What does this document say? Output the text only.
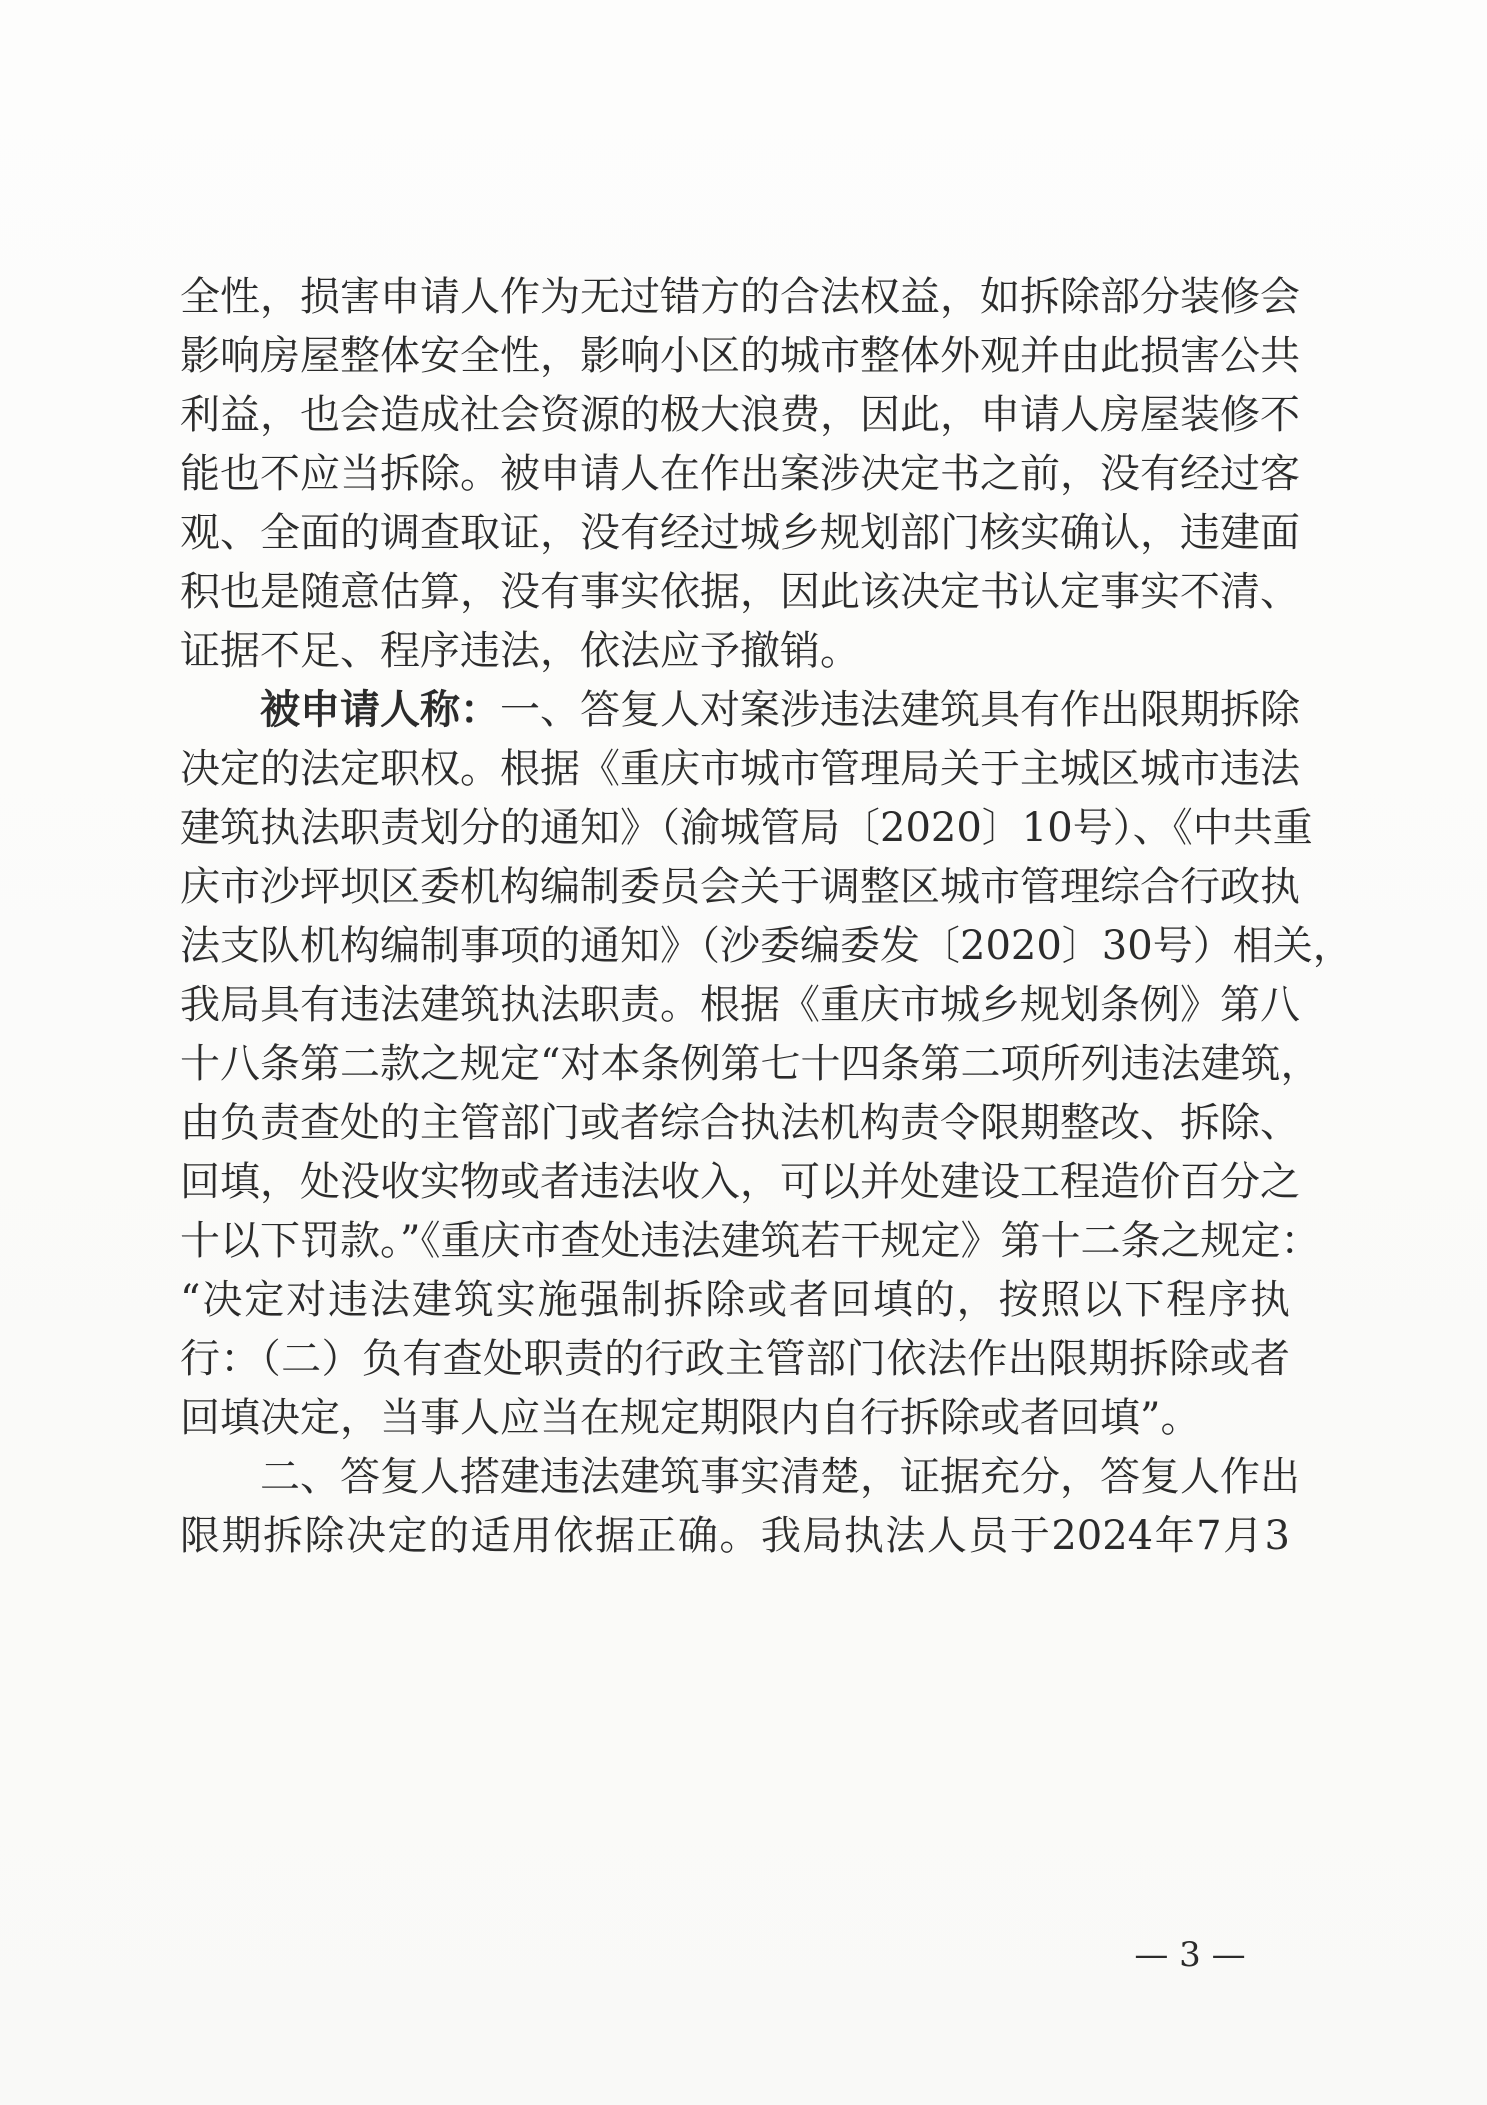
全性，损害申请人作为无过错方的合法权益，如拆除部分装修会
影响房屋整体安全性，影响小区的城市整体外观并由此损害公共
利益，也会造成社会资源的极大浪费，因此，申请人房屋装修不
能也不应当拆除。被申请人在作出案涉决定书之前，没有经过客
观、全面的调查取证，没有经过城乡规划部门核实确认，违建面
积也是随意估算，没有事实依据，因此该决定书认定事实不清、
证据不足、程序违法，依法应予撤销。
被申请人称：一、答复人对案涉违法建筑具有作出限期拆除
决定的法定职权。根据《重庆市城市管理局关于主城区城市违法
建筑执法职责划分的通知》（渝城管局〔2020〕10号）、《中共重
庆市沙坪坝区委机构编制委员会关于调整区城市管理综合行政执
法支队机构编制事项的通知》（沙委编委发〔2020〕30号）相关，
我局具有违法建筑执法职责。根据《重庆市城乡规划条例》第八
十八条第二款之规定“对本条例第七十四条第二项所列违法建筑，
由负责查处的主管部门或者综合执法机构责令限期整改、拆除、
回填，处没收实物或者违法收入，可以并处建设工程造价百分之
十以下罚款。”《重庆市查处违法建筑若干规定》第十二条之规定：
“决定对违法建筑实施强制拆除或者回填的，按照以下程序执
行：（二）负有查处职责的行政主管部门依法作出限期拆除或者
回填决定，当事人应当在规定期限内自行拆除或者回填”。
二、答复人搭建违法建筑事实清楚，证据充分，答复人作出
限期拆除决定的适用依据正确。我局执法人员于2024年7月3
— 3 —
